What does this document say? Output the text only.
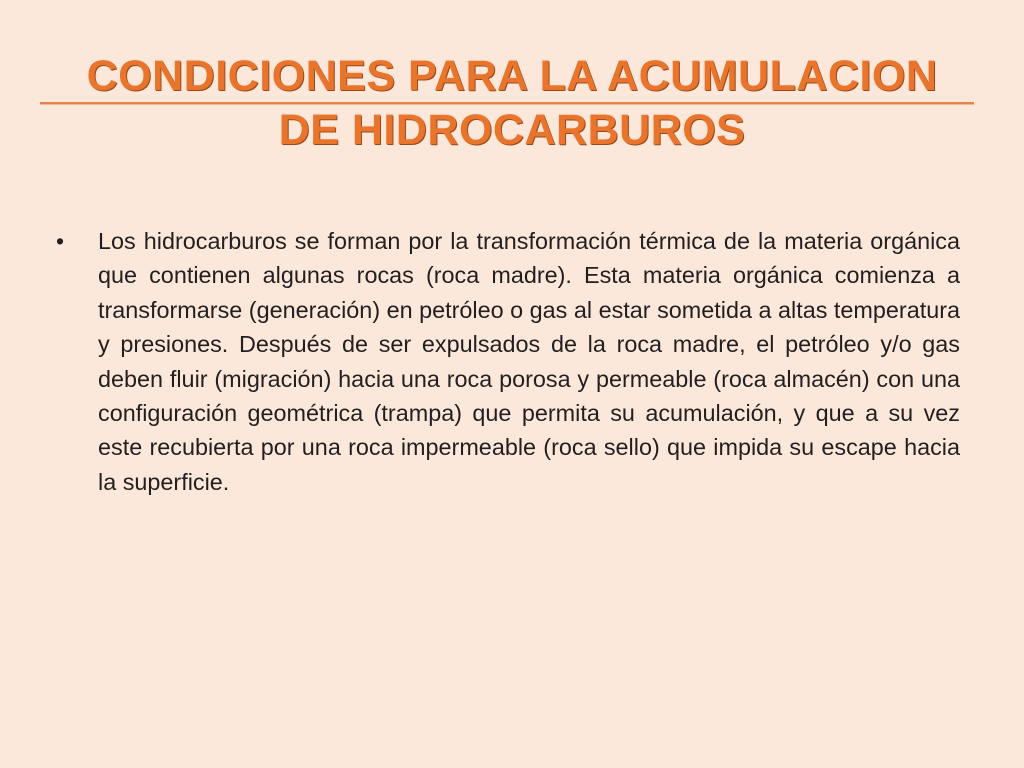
CONDICIONES PARA LA ACUMULACION
DE HIDROCARBUROS
• Los hidrocarburos se forman por la transformación térmica de la materia orgánica que contienen algunas rocas (roca madre). Esta materia orgánica comienza a transformarse (generación) en petróleo o gas al estar sometida a altas temperatura y presiones. Después de ser expulsados de la roca madre, el petróleo y/o gas deben fluir (migración) hacia una roca porosa y permeable (roca almacén) con una configuración geométrica (trampa) que permita su acumulación, y que a su vez este recubierta por una roca impermeable (roca sello) que impida su escape hacia la superficie.
